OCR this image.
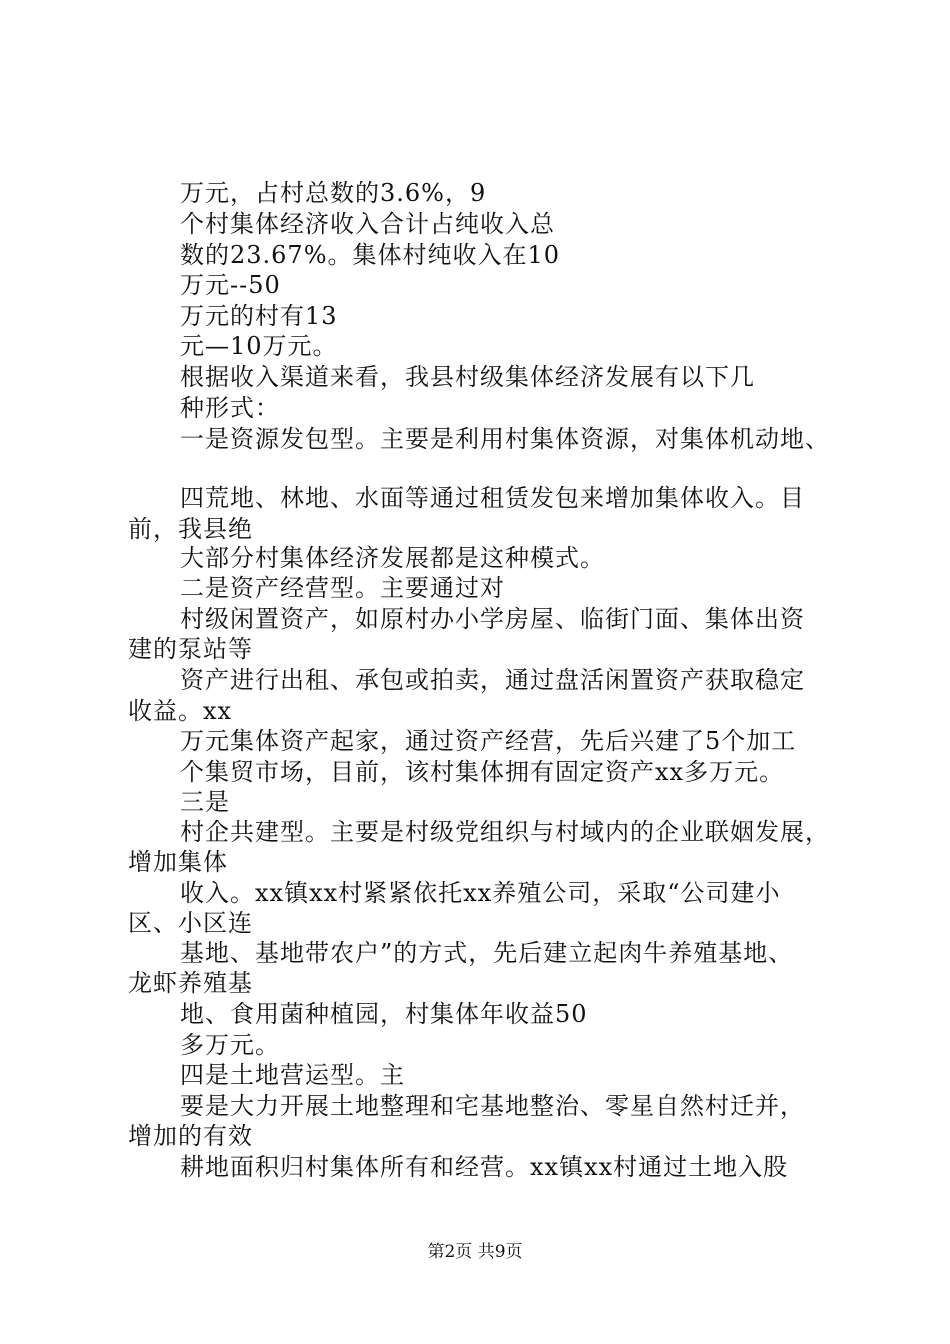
万元，占村总数的3.6%，9
个村集体经济收入合计占纯收入总
数的23.67%。集体村纯收入在10
万元--50
万元的村有13
元—10万元。
根据收入渠道来看，我县村级集体经济发展有以下几
种形式：
一是资源发包型。主要是利用村集体资源，对集体机动地、
四荒地、林地、水面等通过租赁发包来增加集体收入。目
前，我县绝
大部分村集体经济发展都是这种模式。
二是资产经营型。主要通过对
村级闲置资产，如原村办小学房屋、临街门面、集体出资
建的泵站等
资产进行出租、承包或拍卖，通过盘活闲置资产获取稳定
收益。xx
万元集体资产起家，通过资产经营，先后兴建了5个加工
个集贸市场，目前，该村集体拥有固定资产xx多万元。
三是
村企共建型。主要是村级党组织与村域内的企业联姻发展，
增加集体
收入。xx镇xx村紧紧依托xx养殖公司，采取“公司建小
区、小区连
基地、基地带农户”的方式，先后建立起肉牛养殖基地、
龙虾养殖基
地、食用菌种植园，村集体年收益50
多万元。
四是土地营运型。主
要是大力开展土地整理和宅基地整治、零星自然村迁并，
增加的有效
耕地面积归村集体所有和经营。xx镇xx村通过土地入股
第2页 共9页
